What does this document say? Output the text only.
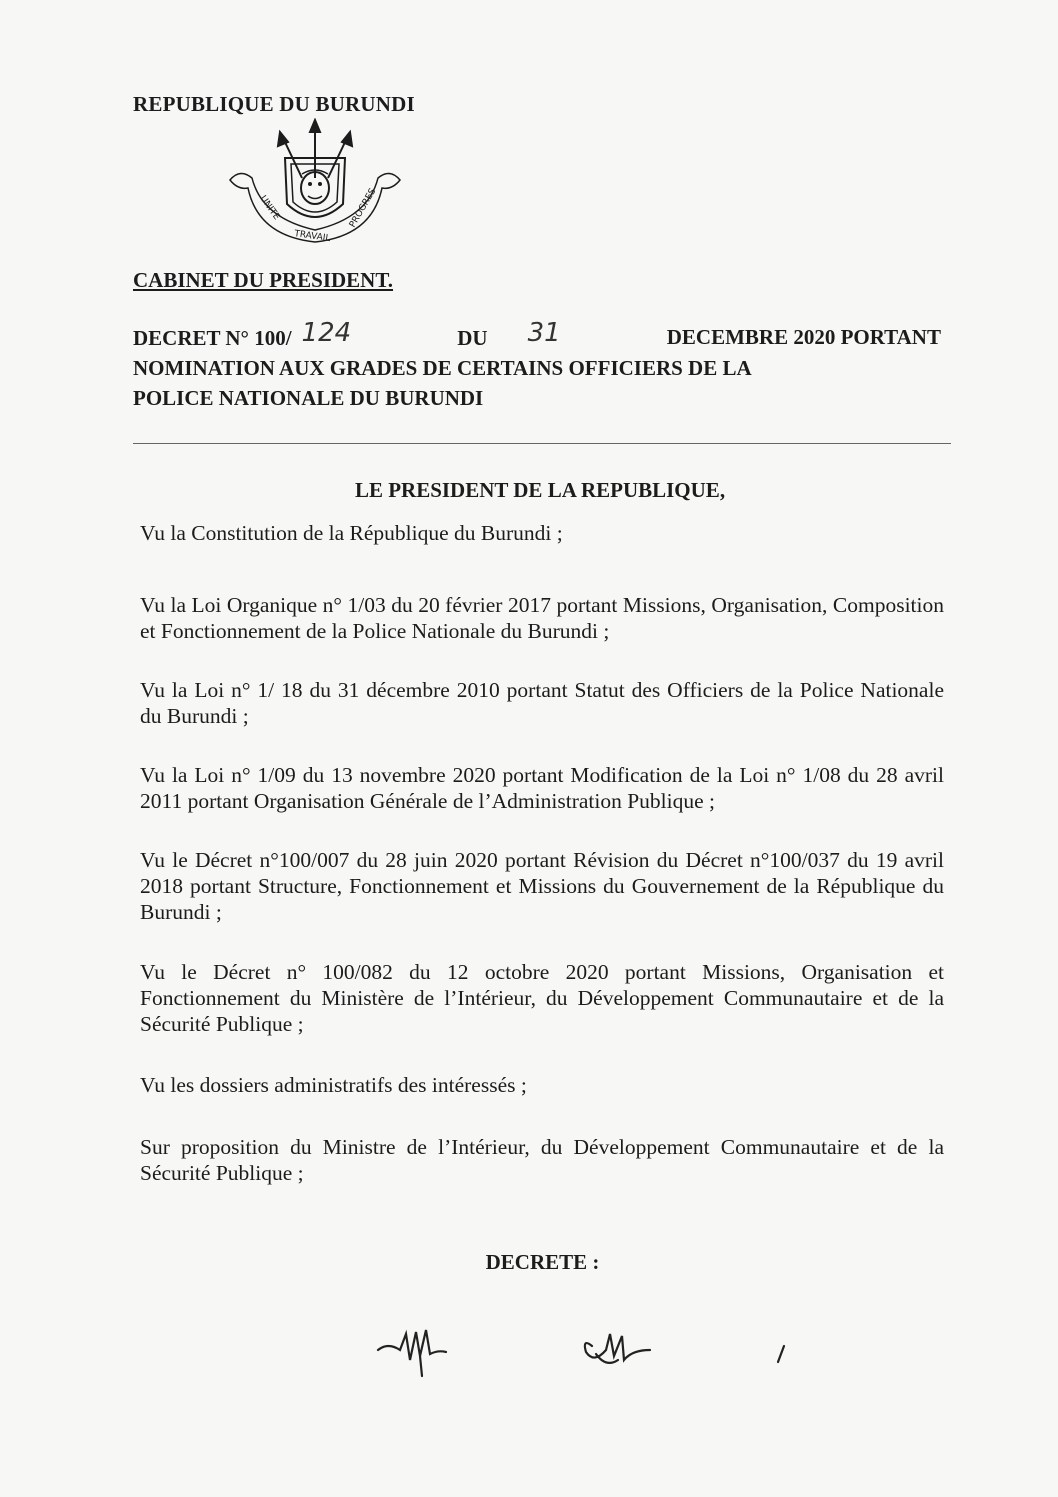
REPUBLIQUE DU BURUNDI
UNITE
TRAVAIL
PROGRES
CABINET DU PRESIDENT.
DECRET N° 100/ 124	DU 31	DECEMBRE 2020 PORTANT
NOMINATION AUX GRADES DE CERTAINS OFFICIERS DE LA
POLICE NATIONALE DU BURUNDI
LE PRESIDENT DE LA REPUBLIQUE,

Vu la Constitution de la République du Burundi ;

Vu la Loi Organique n° 1/03 du 20 février 2017 portant Missions, Organisation, Composition et Fonctionnement de la Police Nationale du Burundi ;

Vu la Loi n° 1/ 18 du 31 décembre 2010 portant Statut des Officiers de la Police Nationale du Burundi ;

Vu la Loi n° 1/09 du 13 novembre 2020 portant Modification de la Loi n° 1/08 du 28 avril 2011 portant Organisation Générale de l’Administration Publique ;

Vu le Décret n°100/007 du 28 juin 2020 portant Révision du Décret n°100/037 du 19 avril 2018 portant Structure, Fonctionnement et Missions du Gouvernement de la République du Burundi ;

Vu le Décret n° 100/082 du 12 octobre 2020 portant Missions, Organisation et Fonctionnement du Ministère de l’Intérieur, du Développement Communautaire et de la Sécurité Publique ;

Vu les dossiers administratifs des intéressés ;

Sur proposition du Ministre de l’Intérieur, du Développement Communautaire et de la Sécurité Publique ;

DECRETE :
